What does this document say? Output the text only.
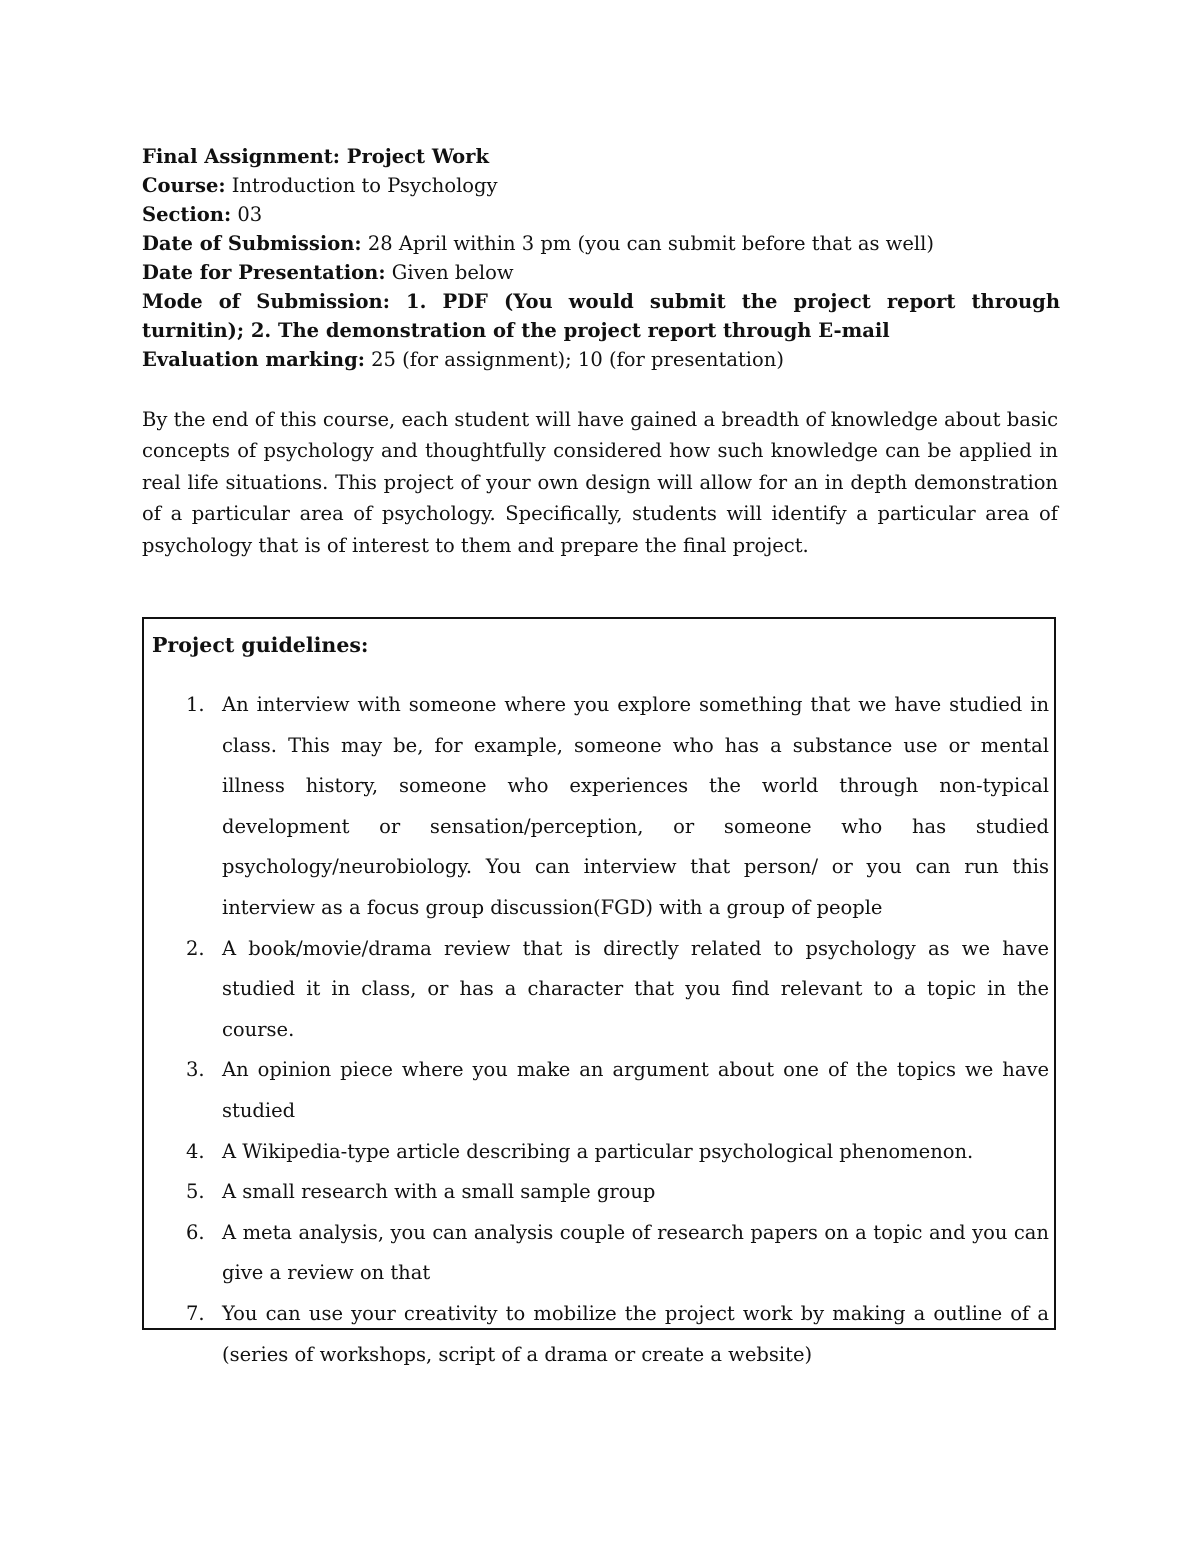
Final Assignment: Project Work
Course: Introduction to Psychology
Section: 03
Date of Submission: 28 April within 3 pm (you can submit before that as well)
Date for Presentation: Given below
Mode of Submission: 1. PDF (You would submit the project report through turnitin); 2. The demonstration of the project report through E-mail
Evaluation marking: 25 (for assignment); 10 (for presentation)

By the end of this course, each student will have gained a breadth of knowledge about basic concepts of psychology and thoughtfully considered how such knowledge can be applied in real life situations. This project of your own design will allow for an in depth demonstration of a particular area of psychology. Specifically, students will identify a particular area of psychology that is of interest to them and prepare the final project.

Project guidelines:

1. An interview with someone where you explore something that we have studied in class. This may be, for example, someone who has a substance use or mental illness history, someone who experiences the world through non-typical development or sensation/perception, or someone who has studied psychology/neurobiology. You can interview that person/ or you can run this interview as a focus group discussion(FGD) with a group of people
2. A book/movie/drama review that is directly related to psychology as we have studied it in class, or has a character that you find relevant to a topic in the course.
3. An opinion piece where you make an argument about one of the topics we have studied
4. A Wikipedia-type article describing a particular psychological phenomenon.
5. A small research with a small sample group
6. A meta analysis, you can analysis couple of research papers on a topic and you can give a review on that
7. You can use your creativity to mobilize the project work by making a outline of a (series of workshops, script of a drama or create a website)
